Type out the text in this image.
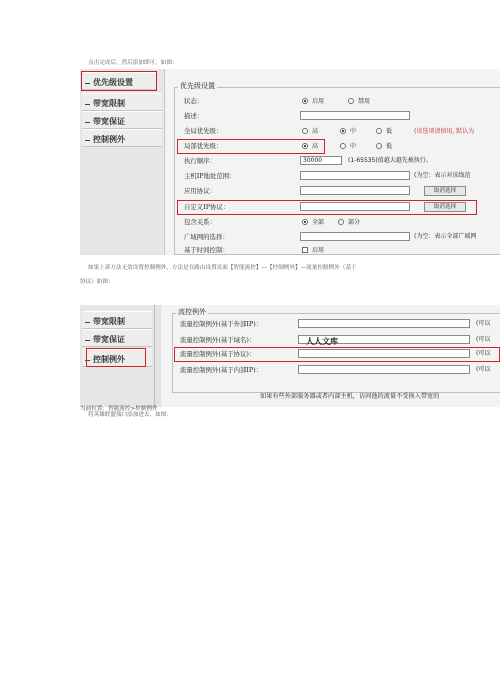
点击完成后，然后添加即可，如图：
优先级设置
带宽限制
带宽保证
控制例外
优先级设置
状态：	启用	禁用
描述：
全局优先级：	高	中	低	(该选项请慎用, 默认为
局部优先级：	高	中	低
执行顺序：	30000	(1-65535)值越大越先被执行。
主机IP地址范围：	(为空：表示对该线范
应用协议：	取消选择
自定义IP协议：	取消选择
包含关系：	全部	部分
广域网的选择：	(为空：表示全部广域网
基于时间控制：	启用
如果上诉方法无效设置控制例外，方法是在路由设置页面【智能流控】—【控制例外】—流量控制例外（基于
协议）如图：
带宽限制
带宽保证
控制例外
流控例外
流量控制例外(基于外部IP)：	(可以
流量控制例外(基于域名)：	(可以
人人文库
流量控制例外(基于协议)：	(可以
流量控制例外(基于内部IP)：	(可以
如果有些外部服务器或者内部主机，访问他的流量不受换入带宽的
当前位置：智能流控>控制例外
将英雄联盟端口添加进去，如图：
